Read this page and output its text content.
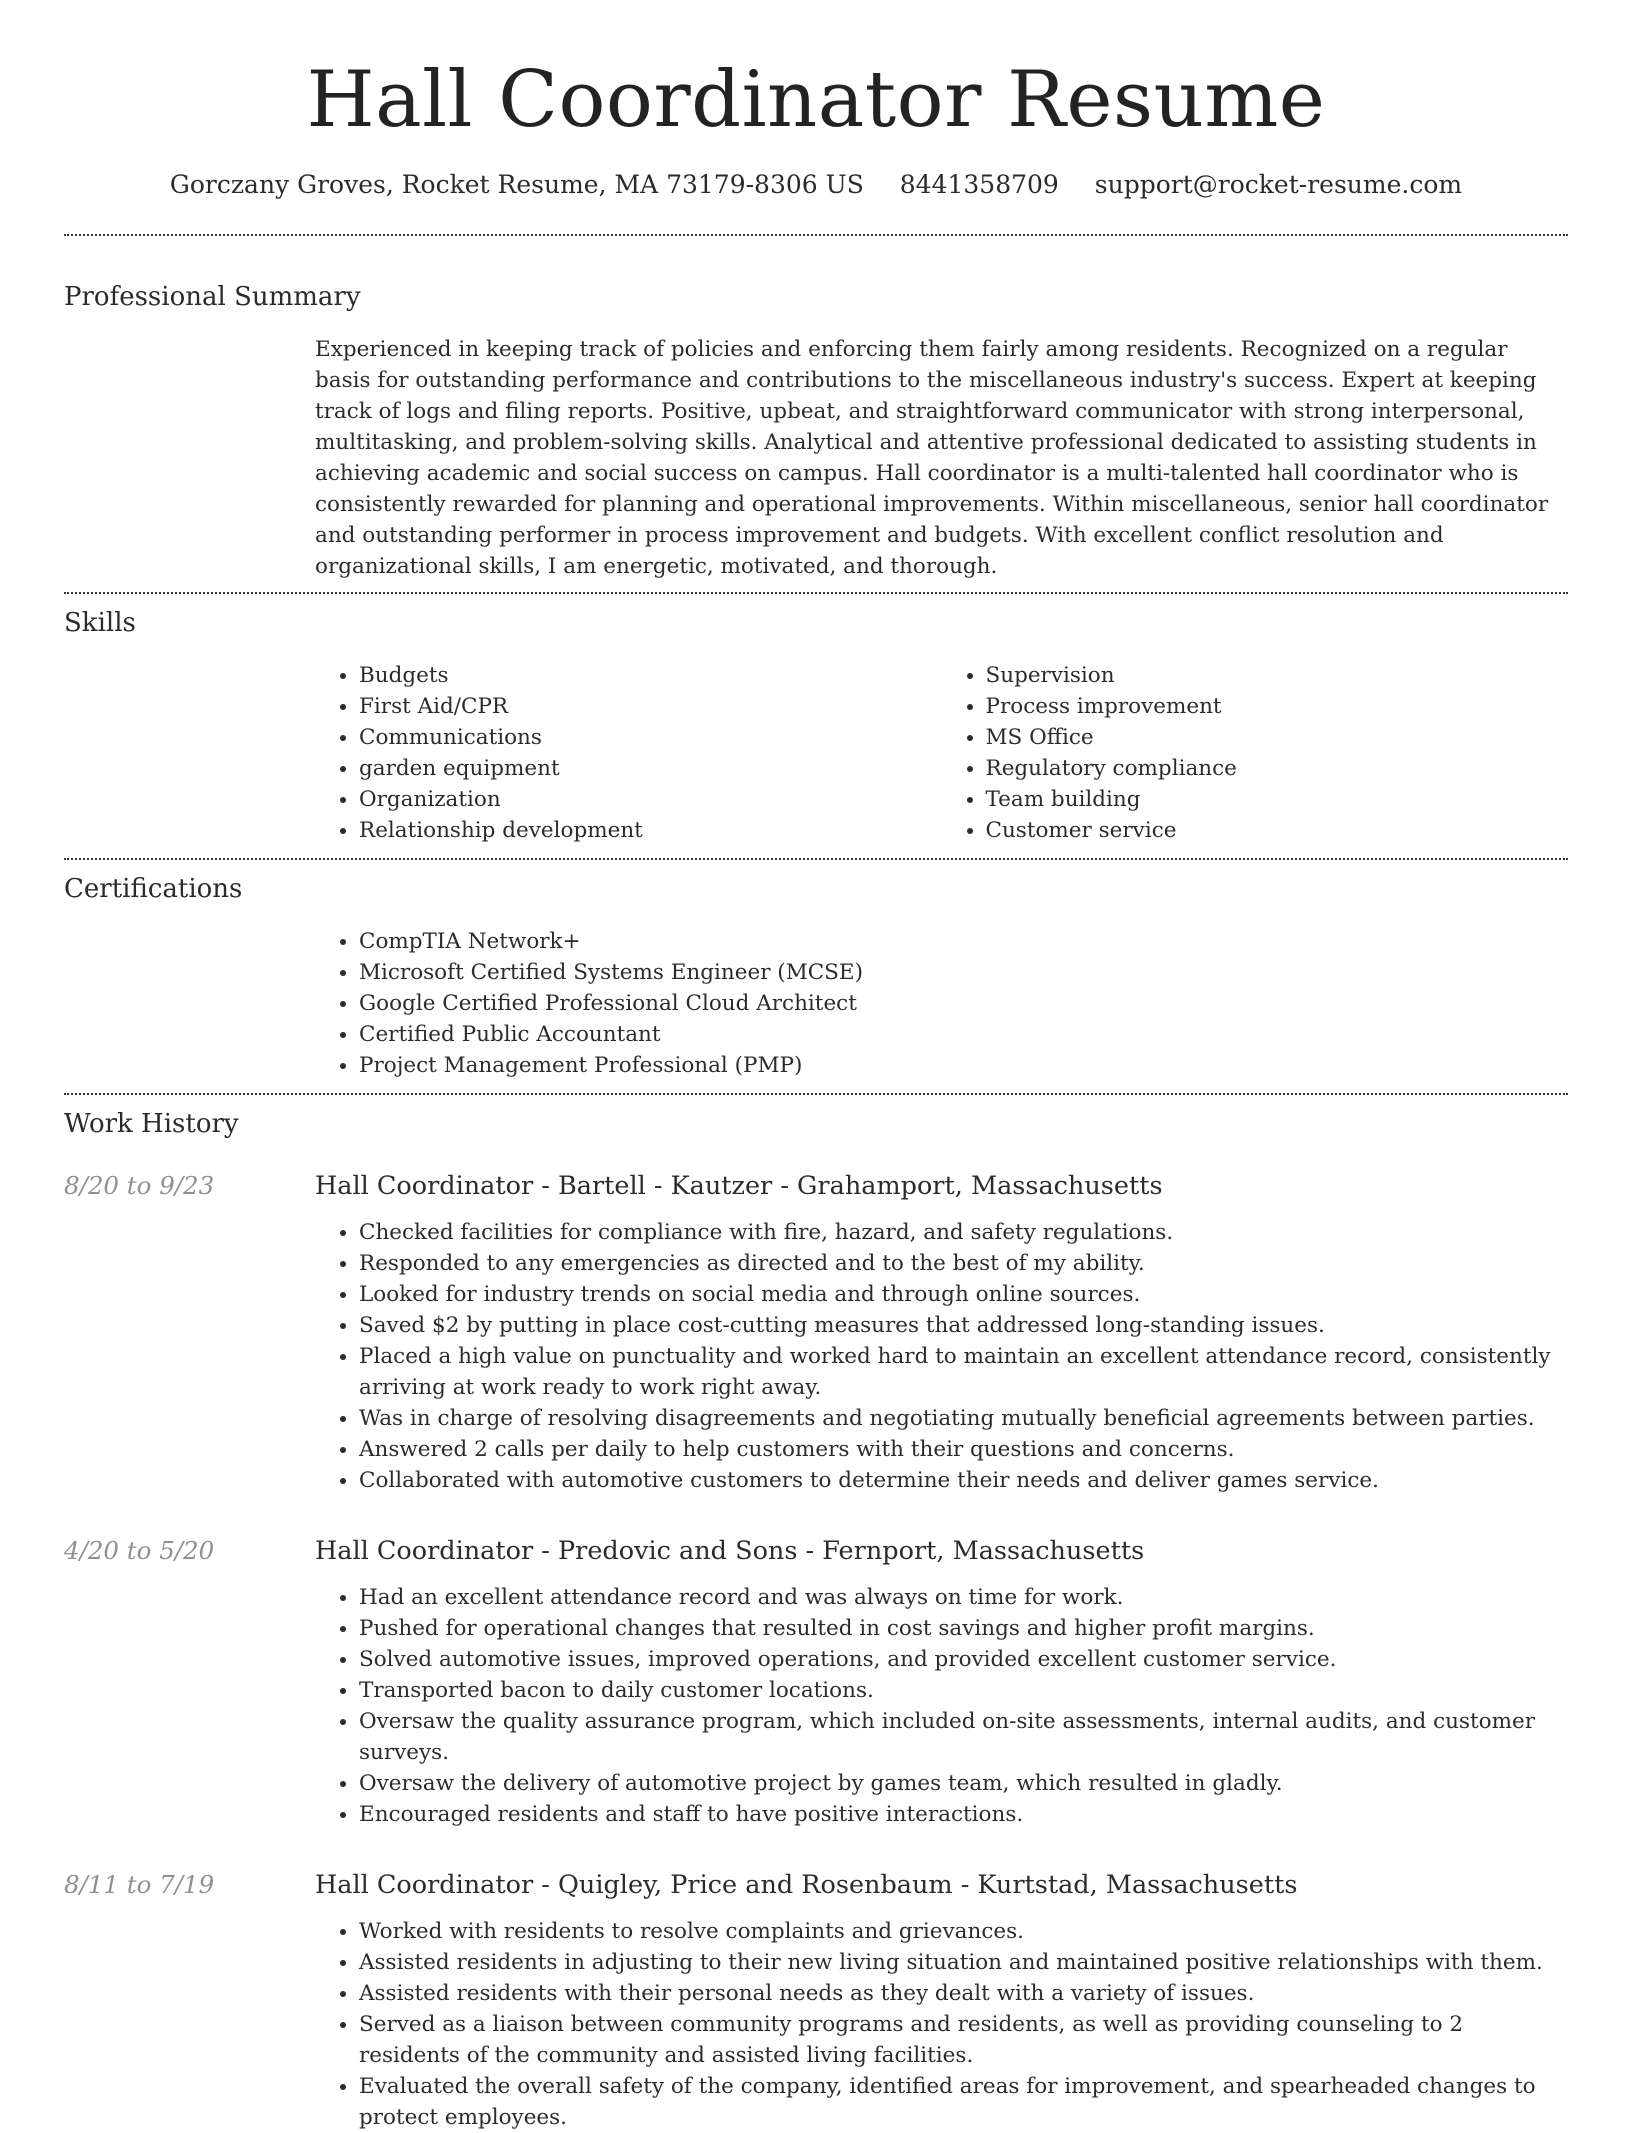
Hall Coordinator Resume
Gorczany Groves, Rocket Resume, MA 73179-8306 US 8441358709 support@rocket-resume.com
Professional Summary

Experienced in keeping track of policies and enforcing them fairly among residents. Recognized on a regular basis for outstanding performance and contributions to the miscellaneous industry's success. Expert at keeping track of logs and filing reports. Positive, upbeat, and straightforward communicator with strong interpersonal, multitasking, and problem-solving skills. Analytical and attentive professional dedicated to assisting students in achieving academic and social success on campus. Hall coordinator is a multi-talented hall coordinator who is consistently rewarded for planning and operational improvements. Within miscellaneous, senior hall coordinator and outstanding performer in process improvement and budgets. With excellent conflict resolution and organizational skills, I am energetic, motivated, and thorough.

Skills
• Budgets
• First Aid/CPR
• Communications
• garden equipment
• Organization
• Relationship development
• Supervision
• Process improvement
• MS Office
• Regulatory compliance
• Team building
• Customer service
Certifications
• CompTIA Network+
• Microsoft Certified Systems Engineer (MCSE)
• Google Certified Professional Cloud Architect
• Certified Public Accountant
• Project Management Professional (PMP)
Work History
8/20 to 9/23	Hall Coordinator - Bartell - Kautzer - Grahamport, Massachusetts
• Checked facilities for compliance with fire, hazard, and safety regulations.
• Responded to any emergencies as directed and to the best of my ability.
• Looked for industry trends on social media and through online sources.
• Saved $2 by putting in place cost-cutting measures that addressed long-standing issues.
• Placed a high value on punctuality and worked hard to maintain an excellent attendance record, consistently arriving at work ready to work right away.
• Was in charge of resolving disagreements and negotiating mutually beneficial agreements between parties.
• Answered 2 calls per daily to help customers with their questions and concerns.
• Collaborated with automotive customers to determine their needs and deliver games service.
4/20 to 5/20	Hall Coordinator - Predovic and Sons - Fernport, Massachusetts
• Had an excellent attendance record and was always on time for work.
• Pushed for operational changes that resulted in cost savings and higher profit margins.
• Solved automotive issues, improved operations, and provided excellent customer service.
• Transported bacon to daily customer locations.
• Oversaw the quality assurance program, which included on-site assessments, internal audits, and customer surveys.
• Oversaw the delivery of automotive project by games team, which resulted in gladly.
• Encouraged residents and staff to have positive interactions.
8/11 to 7/19	Hall Coordinator - Quigley, Price and Rosenbaum - Kurtstad, Massachusetts
• Worked with residents to resolve complaints and grievances.
• Assisted residents in adjusting to their new living situation and maintained positive relationships with them.
• Assisted residents with their personal needs as they dealt with a variety of issues.
• Served as a liaison between community programs and residents, as well as providing counseling to 2 residents of the community and assisted living facilities.
• Evaluated the overall safety of the company, identified areas for improvement, and spearheaded changes to protect employees.
